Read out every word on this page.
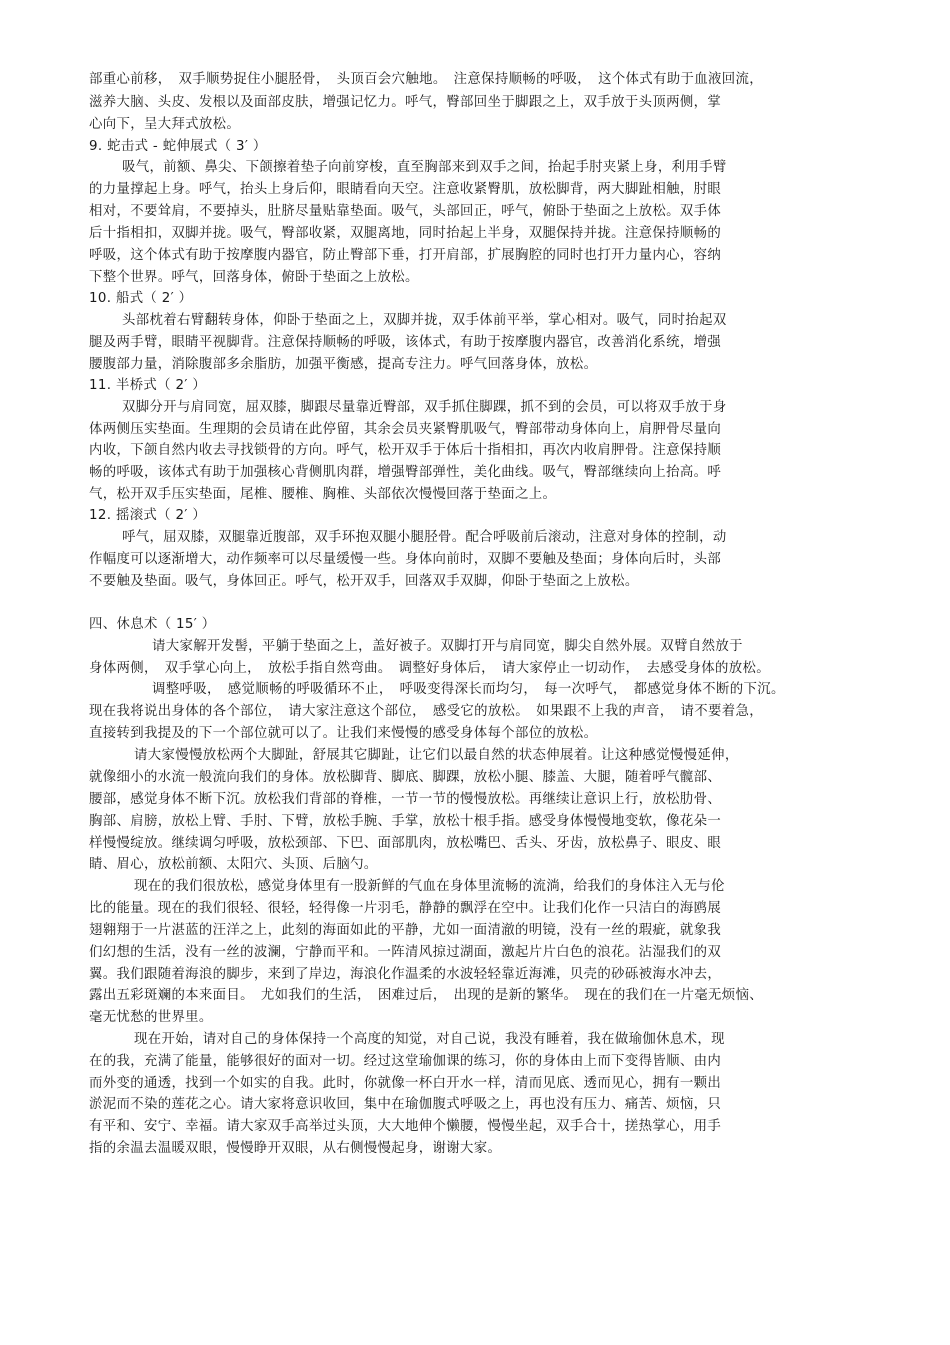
部重心前移，　双手顺势捉住小腿胫骨，　头顶百会穴触地。　注意保持顺畅的呼吸，　这个体式有助于血液回流，
滋养大脑、头皮、发根以及面部皮肤，增强记忆力。呼气，臀部回坐于脚跟之上，双手放于头顶两侧，掌
心向下，呈大拜式放松。
9. 蛇击式 - 蛇伸展式（ 3′ ）
吸气，前额、鼻尖、下颌擦着垫子向前穿梭，直至胸部来到双手之间，抬起手肘夹紧上身，利用手臂
的力量撑起上身。呼气，抬头上身后仰，眼睛看向天空。注意收紧臀肌，放松脚背，两大脚趾相触，肘眼
相对，不要耸肩，不要掉头，肚脐尽量贴靠垫面。吸气，头部回正，呼气，俯卧于垫面之上放松。双手体
后十指相扣，双脚并拢。吸气，臀部收紧，双腿离地，同时抬起上半身，双腿保持并拢。注意保持顺畅的
呼吸，这个体式有助于按摩腹内器官，防止臀部下垂，打开肩部，扩展胸腔的同时也打开力量内心，容纳
下整个世界。呼气，回落身体，俯卧于垫面之上放松。
10. 船式（ 2′ ）
头部枕着右臂翻转身体，仰卧于垫面之上，双脚并拢，双手体前平举，掌心相对。吸气，同时抬起双
腿及两手臂，眼睛平视脚背。注意保持顺畅的呼吸，该体式，有助于按摩腹内器官，改善消化系统，增强
腰腹部力量，消除腹部多余脂肪，加强平衡感，提高专注力。呼气回落身体，放松。
11. 半桥式（ 2′ ）
双脚分开与肩同宽，屈双膝，脚跟尽量靠近臀部，双手抓住脚踝，抓不到的会员，可以将双手放于身
体两侧压实垫面。生理期的会员请在此停留，其余会员夹紧臀肌吸气，臀部带动身体向上，肩胛骨尽量向
内收，下颌自然内收去寻找锁骨的方向。呼气，松开双手于体后十指相扣，再次内收肩胛骨。注意保持顺
畅的呼吸，该体式有助于加强核心背侧肌肉群，增强臀部弹性，美化曲线。吸气，臀部继续向上抬高。呼
气，松开双手压实垫面，尾椎、腰椎、胸椎、头部依次慢慢回落于垫面之上。
12. 摇滚式（ 2′ ）
呼气，屈双膝，双腿靠近腹部，双手环抱双腿小腿胫骨。配合呼吸前后滚动，注意对身体的控制，动
作幅度可以逐渐增大，动作频率可以尽量缓慢一些。身体向前时，双脚不要触及垫面；身体向后时，头部
不要触及垫面。吸气，身体回正。呼气，松开双手，回落双手双脚，仰卧于垫面之上放松。
四、休息术（ 15′ ）
请大家解开发髻，平躺于垫面之上，盖好被子。双脚打开与肩同宽，脚尖自然外展。双臂自然放于
身体两侧，　双手掌心向上，　放松手指自然弯曲。　调整好身体后，　请大家停止一切动作，　去感受身体的放松。
调整呼吸，　感觉顺畅的呼吸循环不止，　呼吸变得深长而均匀，　每一次呼气，　都感觉身体不断的下沉。
现在我将说出身体的各个部位，　请大家注意这个部位，　感受它的放松。　如果跟不上我的声音，　请不要着急，
直接转到我提及的下一个部位就可以了。让我们来慢慢的感受身体每个部位的放松。
请大家慢慢放松两个大脚趾，舒展其它脚趾，让它们以最自然的状态伸展着。让这种感觉慢慢延伸，
就像细小的水流一般流向我们的身体。放松脚背、脚底、脚踝，放松小腿、膝盖、大腿，随着呼气髋部、
腰部，感觉身体不断下沉。放松我们背部的脊椎，一节一节的慢慢放松。再继续让意识上行，放松肋骨、
胸部、肩膀，放松上臂、手肘、下臂，放松手腕、手掌，放松十根手指。感受身体慢慢地变软，像花朵一
样慢慢绽放。继续调匀呼吸，放松颈部、下巴、面部肌肉，放松嘴巴、舌头、牙齿，放松鼻子、眼皮、眼
睛、眉心，放松前额、太阳穴、头顶、后脑勺。
现在的我们很放松，感觉身体里有一股新鲜的气血在身体里流畅的流淌，给我们的身体注入无与伦
比的能量。现在的我们很轻、很轻，轻得像一片羽毛，静静的飘浮在空中。让我们化作一只洁白的海鸥展
翅翱翔于一片湛蓝的汪洋之上，此刻的海面如此的平静，尤如一面清澈的明镜，没有一丝的瑕疵，就象我
们幻想的生活，没有一丝的波澜，宁静而平和。一阵清风掠过湖面，激起片片白色的浪花。沾湿我们的双
翼。我们跟随着海浪的脚步，来到了岸边，海浪化作温柔的水波轻轻靠近海滩，贝壳的砂砾被海水冲去，
露出五彩斑斓的本来面目。　尤如我们的生活，　困难过后，　出现的是新的繁华。　现在的我们在一片毫无烦恼、
毫无忧愁的世界里。
现在开始，请对自己的身体保持一个高度的知觉，对自己说，我没有睡着，我在做瑜伽休息术，现
在的我，充满了能量，能够很好的面对一切。经过这堂瑜伽课的练习，你的身体由上而下变得皆顺、由内
而外变的通透，找到一个如实的自我。此时，你就像一杯白开水一样，清而见底、透而见心，拥有一颗出
淤泥而不染的莲花之心。请大家将意识收回，集中在瑜伽腹式呼吸之上，再也没有压力、痛苦、烦恼，只
有平和、安宁、幸福。请大家双手高举过头顶，大大地伸个懒腰，慢慢坐起，双手合十，搓热掌心，用手
指的余温去温暖双眼，慢慢睁开双眼，从右侧慢慢起身，谢谢大家。
